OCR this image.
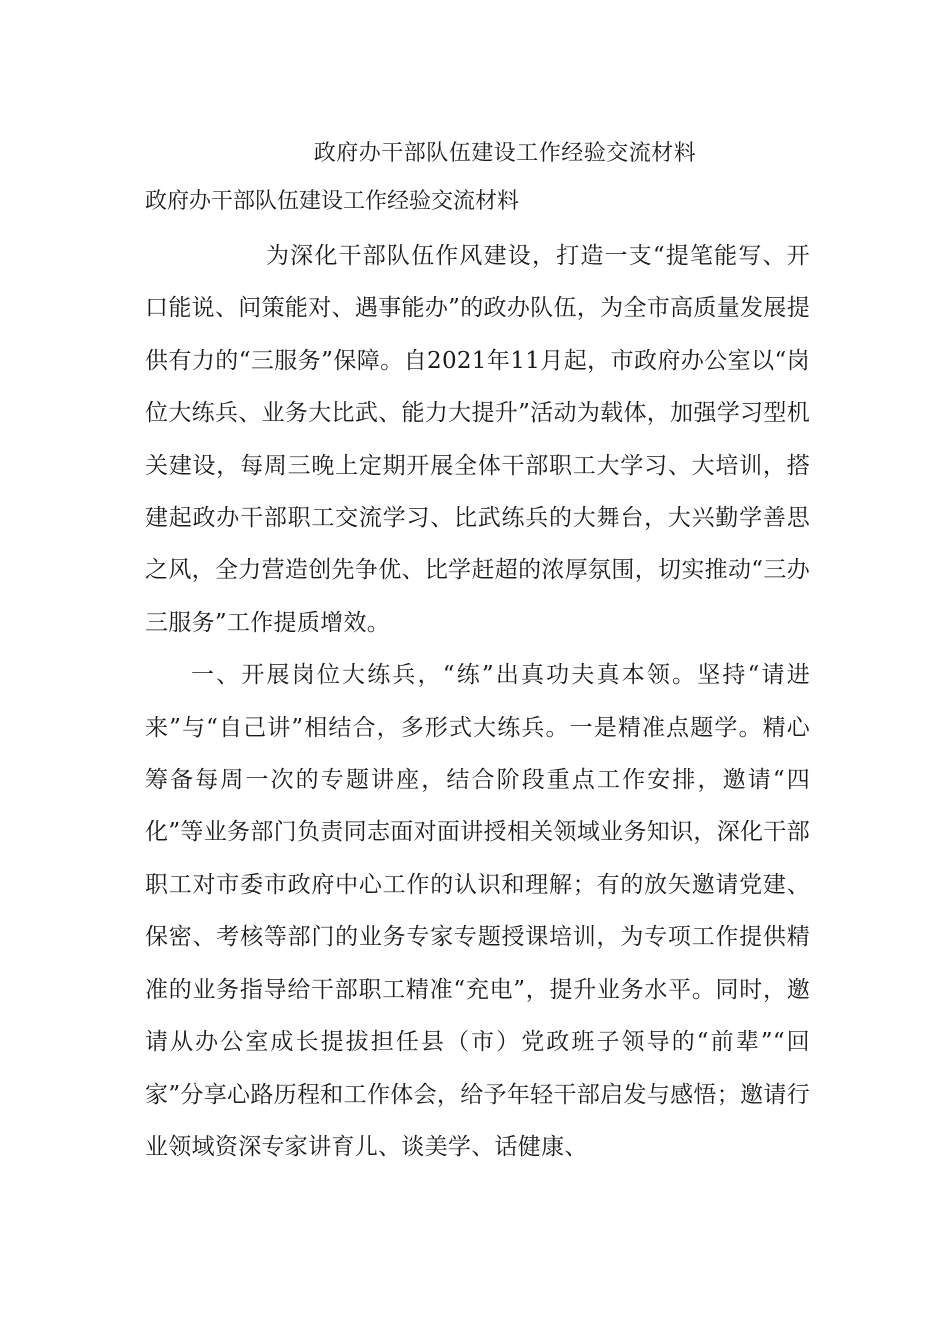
政府办干部队伍建设工作经验交流材料
政府办干部队伍建设工作经验交流材料

为深化干部队伍作风建设，打造一支“提笔能写、开口能说、问策能对、遇事能办”的政办队伍，为全市高质量发展提供有力的“三服务”保障。自2021年11月起，市政府办公室以“岗位大练兵、业务大比武、能力大提升”活动为载体，加强学习型机关建设，每周三晚上定期开展全体干部职工大学习、大培训，搭建起政办干部职工交流学习、比武练兵的大舞台，大兴勤学善思之风，全力营造创先争优、比学赶超的浓厚氛围，切实推动“三办三服务”工作提质增效。

一、开展岗位大练兵，“练”出真功夫真本领。坚持“请进来”与“自己讲”相结合，多形式大练兵。一是精准点题学。精心筹备每周一次的专题讲座，结合阶段重点工作安排，邀请“四化”等业务部门负责同志面对面讲授相关领域业务知识，深化干部职工对市委市政府中心工作的认识和理解；有的放矢邀请党建、保密、考核等部门的业务专家专题授课培训，为专项工作提供精准的业务指导给干部职工精准“充电”，提升业务水平。同时，邀请从办公室成长提拔担任县（市）党政班子领导的“前辈”“回家”分享心路历程和工作体会，给予年轻干部启发与感悟；邀请行业领域资深专家讲育儿、谈美学、话健康、
